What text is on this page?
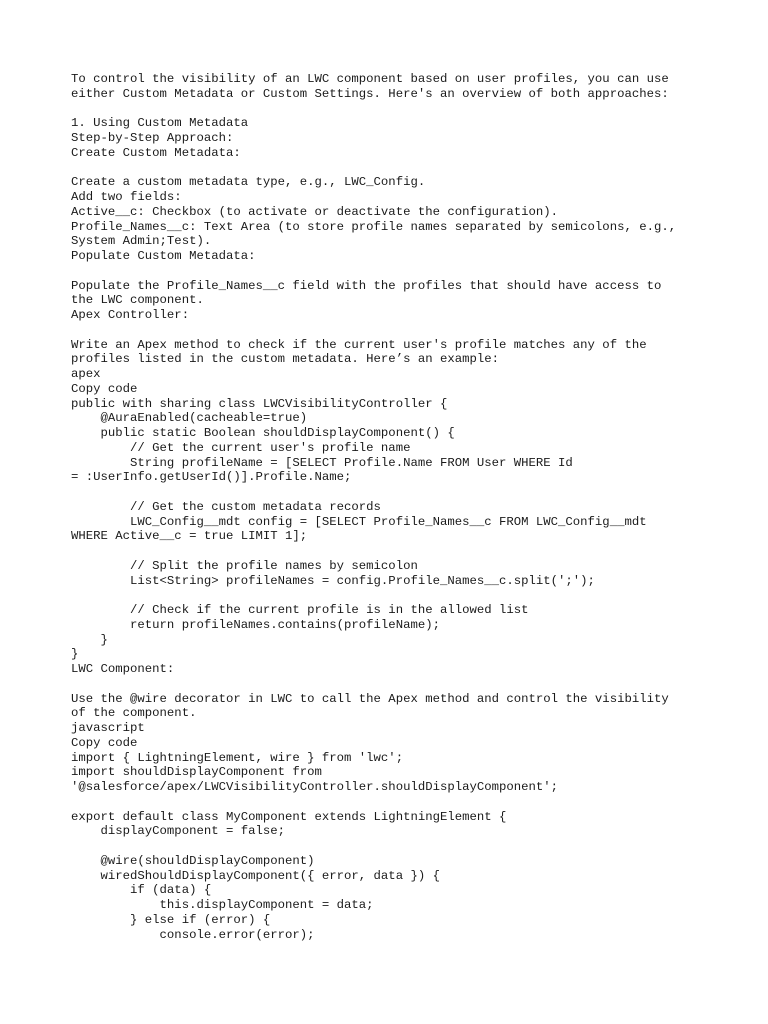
To control the visibility of an LWC component based on user profiles, you can use
either Custom Metadata or Custom Settings. Here's an overview of both approaches:
1. Using Custom Metadata
Step-by-Step Approach:
Create Custom Metadata:
Create a custom metadata type, e.g., LWC_Config.
Add two fields:
Active__c: Checkbox (to activate or deactivate the configuration).
Profile_Names__c: Text Area (to store profile names separated by semicolons, e.g.,
System Admin;Test).
Populate Custom Metadata:
Populate the Profile_Names__c field with the profiles that should have access to
the LWC component.
Apex Controller:
Write an Apex method to check if the current user's profile matches any of the
profiles listed in the custom metadata. Here’s an example:
apex
Copy code
public with sharing class LWCVisibilityController {
@AuraEnabled(cacheable=true)
public static Boolean shouldDisplayComponent() {
// Get the current user's profile name
String profileName = [SELECT Profile.Name FROM User WHERE Id
= :UserInfo.getUserId()].Profile.Name;
// Get the custom metadata records
LWC_Config__mdt config = [SELECT Profile_Names__c FROM LWC_Config__mdt
WHERE Active__c = true LIMIT 1];
// Split the profile names by semicolon
List<String> profileNames = config.Profile_Names__c.split(';');
// Check if the current profile is in the allowed list
return profileNames.contains(profileName);
}
}
LWC Component:
Use the @wire decorator in LWC to call the Apex method and control the visibility
of the component.
javascript
Copy code
import { LightningElement, wire } from 'lwc';
import shouldDisplayComponent from
'@salesforce/apex/LWCVisibilityController.shouldDisplayComponent';
export default class MyComponent extends LightningElement {
displayComponent = false;
@wire(shouldDisplayComponent)
wiredShouldDisplayComponent({ error, data }) {
if (data) {
this.displayComponent = data;
} else if (error) {
console.error(error);
